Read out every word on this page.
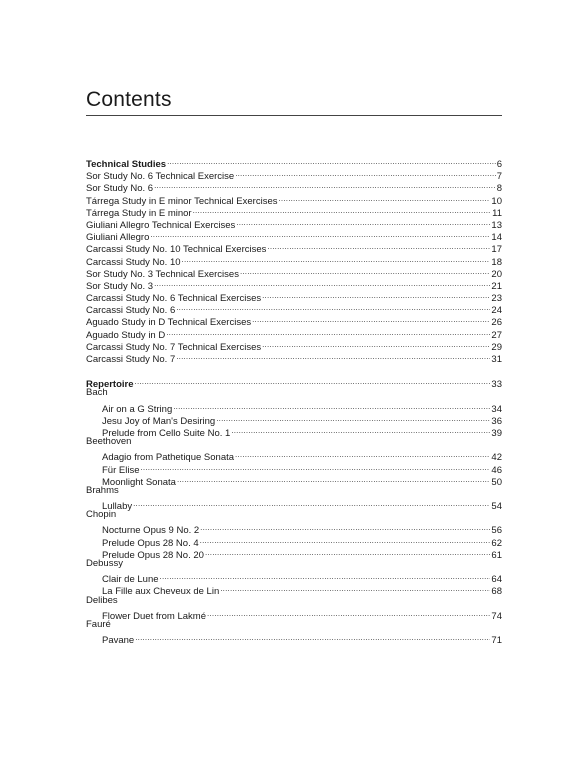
Contents
Technical Studies .....	6
Sor Study No. 6 Technical Exercise .....	7
Sor Study No. 6 .....	8
Tárrega Study in E minor Technical Exercises .....	10
Tárrega Study in E minor .....	11
Giuliani Allegro Technical Exercises .....	13
Giuliani Allegro .....	14
Carcassi Study No. 10 Technical Exercises .....	17
Carcassi Study No. 10 .....	18
Sor Study No. 3 Technical Exercises .....	20
Sor Study No. 3 .....	21
Carcassi Study No. 6 Technical Exercises .....	23
Carcassi Study No. 6 .....	24
Aguado Study in D Technical Exercises .....	26
Aguado Study in D .....	27
Carcassi Study No. 7 Technical Exercises .....	29
Carcassi Study No. 7 .....	31
Repertoire .....	33
Bach
Air on a G String .....	34
Jesu Joy of Man's Desiring .....	36
Prelude from Cello Suite No. 1 .....	39
Beethoven
Adagio from Pathetique Sonata .....	42
Für Elise .....	46
Moonlight Sonata .....	50
Brahms
Lullaby .....	54
Chopin
Nocturne Opus 9 No. 2 .....	56
Prelude Opus 28 No. 4 .....	62
Prelude Opus 28 No. 20 .....	61
Debussy
Clair de Lune .....	64
La Fille aux Cheveux de Lin .....	68
Delibes
Flower Duet from Lakmé .....	74
Fauré
Pavane .....	71
